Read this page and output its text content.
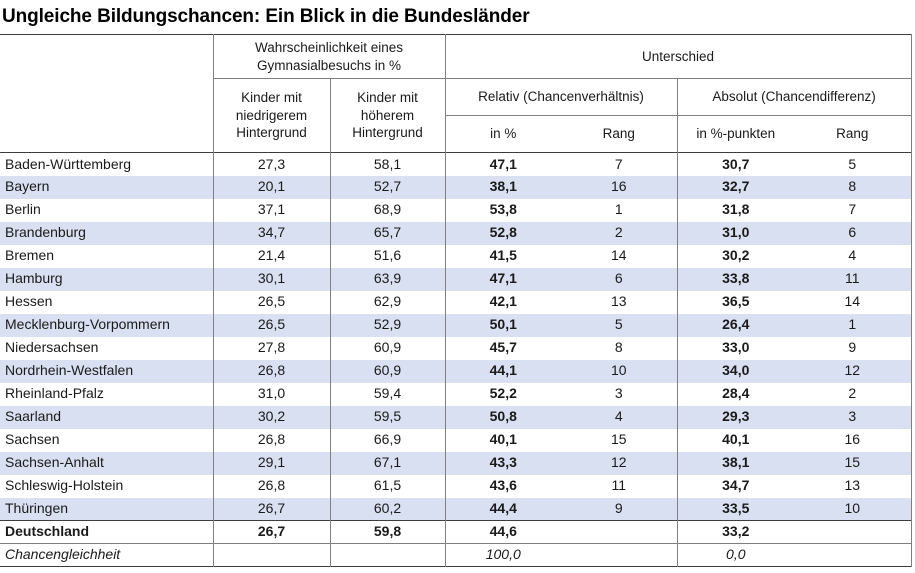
Ungleiche Bildungschancen: Ein Blick in die Bundesländer
	Wahrscheinlichkeit eines Gymnasialbesuchs in %		Unterschied			
	Kinder mit niedrigerem Hintergrund	Kinder mit höherem Hintergrund	Relativ (Chancenverhältnis)		Absolut (Chancendifferenz)	
			in %	Rang	in %-punkten	Rang
Baden-Württemberg	27,3	58,1	47,1	7	30,7	5
Bayern	20,1	52,7	38,1	16	32,7	8
Berlin	37,1	68,9	53,8	1	31,8	7
Brandenburg	34,7	65,7	52,8	2	31,0	6
Bremen	21,4	51,6	41,5	14	30,2	4
Hamburg	30,1	63,9	47,1	6	33,8	11
Hessen	26,5	62,9	42,1	13	36,5	14
Mecklenburg-Vorpommern	26,5	52,9	50,1	5	26,4	1
Niedersachsen	27,8	60,9	45,7	8	33,0	9
Nordrhein-Westfalen	26,8	60,9	44,1	10	34,0	12
Rheinland-Pfalz	31,0	59,4	52,2	3	28,4	2
Saarland	30,2	59,5	50,8	4	29,3	3
Sachsen	26,8	66,9	40,1	15	40,1	16
Sachsen-Anhalt	29,1	67,1	43,3	12	38,1	15
Schleswig-Holstein	26,8	61,5	43,6	11	34,7	13
Thüringen	26,7	60,2	44,4	9	33,5	10
Deutschland	26,7	59,8	44,6		33,2	
Chancengleichheit			100,0		0,0	
